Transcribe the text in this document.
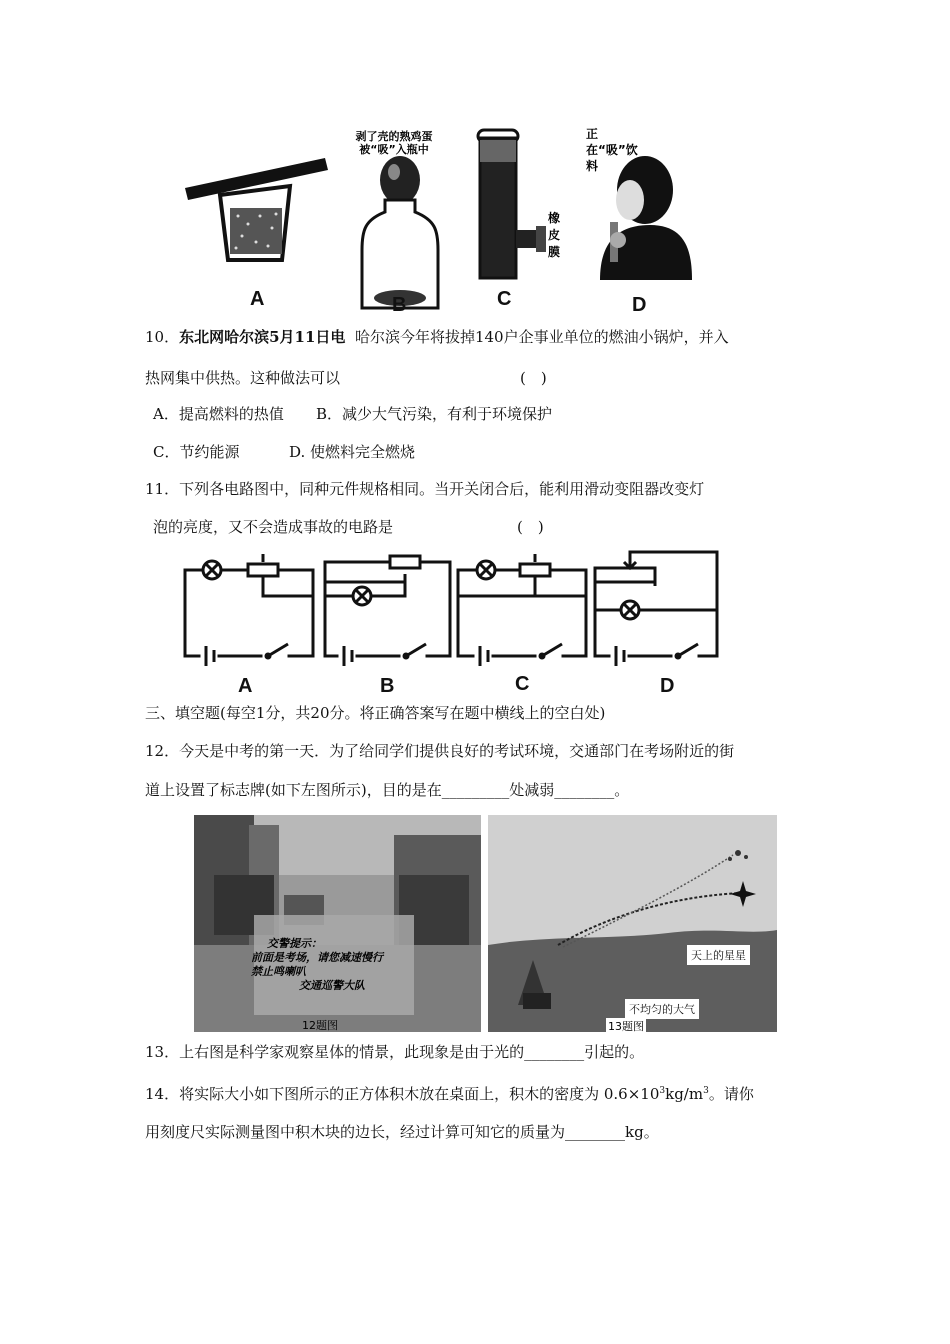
剥了壳的熟鸡蛋被“吸”入瓶中
橡皮膜
正在“吸”饮料
A	B	C	D
10．东北网哈尔滨5月11日电 哈尔滨今年将拔掉140户企事业单位的燃油小锅炉，并入
热网集中供热。这种做法可以	(　)
A．提高燃料的热值 B．减少大气污染，有利于环境保护
C．节约能源	D. 使燃料完全燃烧
11．下列各电路图中，同种元件规格相同。当开关闭合后，能利用滑动变阻器改变灯
泡的亮度，又不会造成事故的电路是	(　)
A	B	C	D
三、填空题(每空1分，共20分。将正确答案写在题中横线上的空白处)
12．今天是中考的第一天．为了给同学们提供良好的考试环境，交通部门在考场附近的街
道上设置了标志牌(如下左图所示)，目的是在_________处减弱________。
交警提示：
前面是考场，请您减速慢行
禁止鸣喇叭
交通巡警大队
12题图
天上的星星
不均匀的大气
13题图
13．上右图是科学家观察星体的情景，此现象是由于光的________引起的。
14．将实际大小如下图所示的正方体积木放在桌面上，积木的密度为 $0.6\times 10^3kg/m^3$。请你
用刻度尺实际测量图中积木块的边长，经过计算可知它的质量为________kg。
